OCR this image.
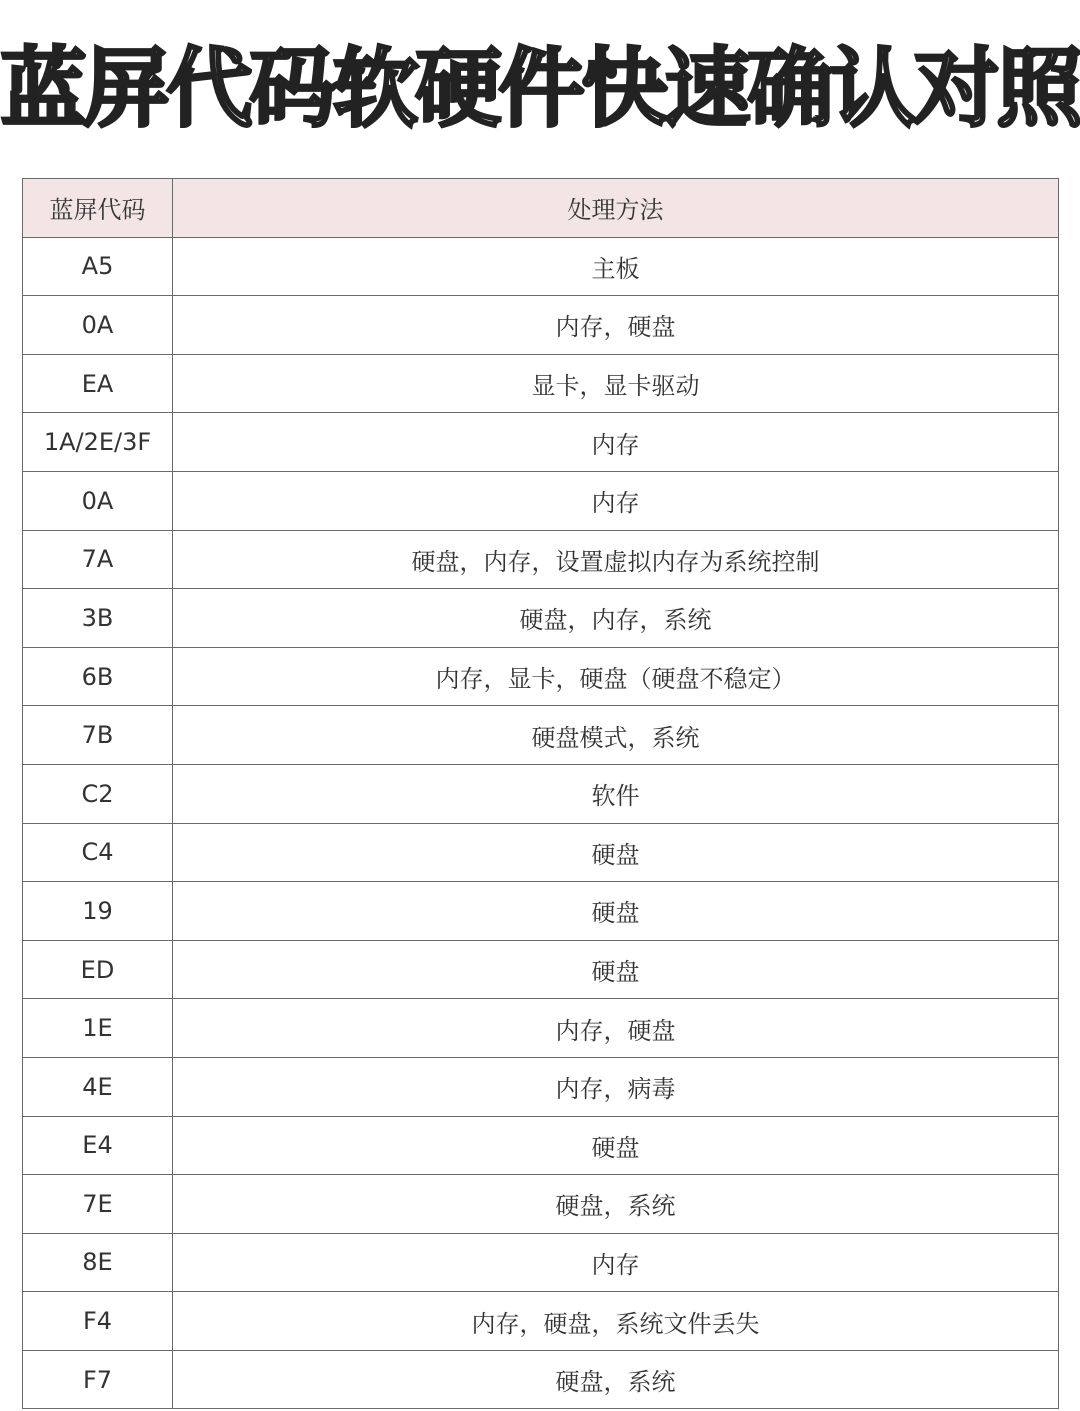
蓝屏代码软硬件快速确认对照
蓝屏代码	处理方法
A5	主板
0A	内存，硬盘
EA	显卡，显卡驱动
1A/2E/3F	内存
0A	内存
7A	硬盘，内存，设置虚拟内存为系统控制
3B	硬盘，内存，系统
6B	内存，显卡，硬盘（硬盘不稳定）
7B	硬盘模式，系统
C2	软件
C4	硬盘
19	硬盘
ED	硬盘
1E	内存，硬盘
4E	内存，病毒
E4	硬盘
7E	硬盘，系统
8E	内存
F4	内存，硬盘，系统文件丢失
F7	硬盘，系统
